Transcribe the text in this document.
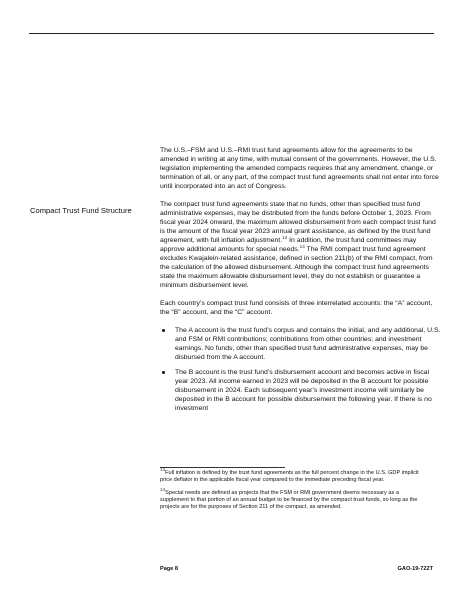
Compact Trust Fund Structure

The U.S.–FSM and U.S.–RMI trust fund agreements allow for the agreements to be amended in writing at any time, with mutual consent of the governments. However, the U.S. legislation implementing the amended compacts requires that any amendment, change, or termination of all, or any part, of the compact trust fund agreements shall not enter into force until incorporated into an act of Congress.

The compact trust fund agreements state that no funds, other than specified trust fund administrative expenses, may be distributed from the funds before October 1, 2023. From fiscal year 2024 onward, the maximum allowed disbursement from each compact trust fund is the amount of the fiscal year 2023 annual grant assistance, as defined by the trust fund agreement, with full inflation adjustment.$^{13}$ In addition, the trust fund committees may approve additional amounts for special needs.$^{14}$ The RMI compact trust fund agreement excludes Kwajalein-related assistance, defined in section 211(b) of the RMI compact, from the calculation of the allowed disbursement. Although the compact trust fund agreements state the maximum allowable disbursement level, they do not establish or guarantee a minimum disbursement level.

Each country’s compact trust fund consists of three interrelated accounts: the “A” account, the “B” account, and the “C” account.

The A account is the trust fund’s corpus and contains the initial, and any additional, U.S. and FSM or RMI contributions; contributions from other countries; and investment earnings. No funds, other than specified trust fund administrative expenses, may be disbursed from the A account.
The B account is the trust fund’s disbursement account and becomes active in fiscal year 2023. All income earned in 2023 will be deposited in the B account for possible disbursement in 2024. Each subsequent year’s investment income will similarly be deposited in the B account for possible disbursement the following year. If there is no investment

$^{13}$Full inflation is defined by the trust fund agreements as the full percent change in the U.S. GDP implicit price deflator in the applicable fiscal year compared to the immediate preceding fiscal year.

$^{14}$Special needs are defined as projects that the FSM or RMI government deems necessary as a supplement to that portion of an annual budget to be financed by the compact trust funds, so long as the projects are for the purposes of Section 211 of the compact, as amended.

Page 8	GAO-19-722T
